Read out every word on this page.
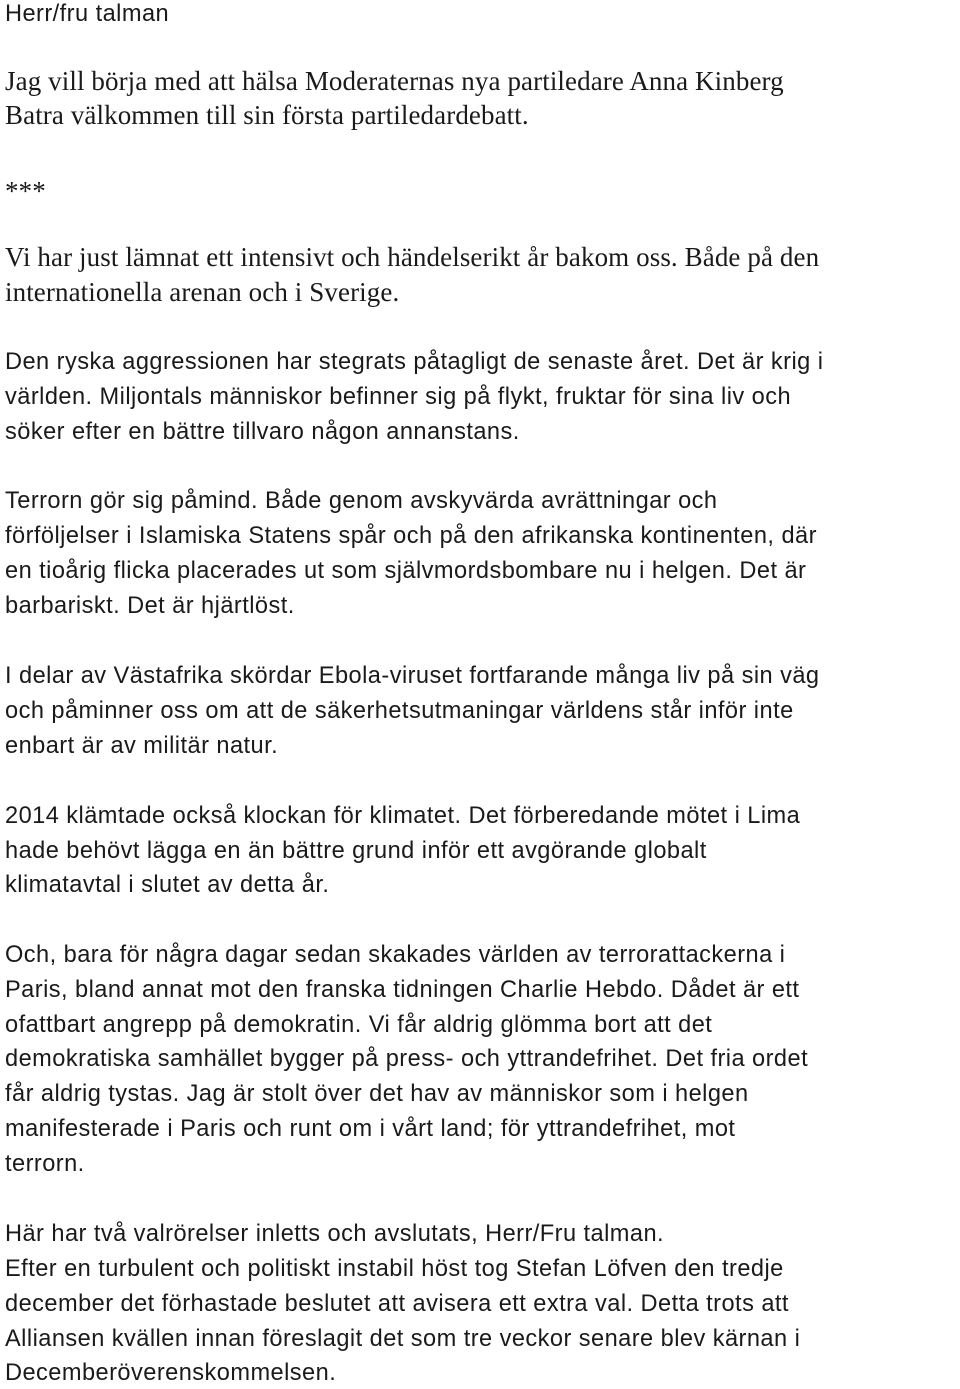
Herr/fru talman
Jag vill börja med att hälsa Moderaternas nya partiledare Anna Kinberg
Batra välkommen till sin första partiledardebatt.
***
Vi har just lämnat ett intensivt och händelserikt år bakom oss. Både på den
internationella arenan och i Sverige.
Den ryska aggressionen har stegrats påtagligt de senaste året. Det är krig i
världen. Miljontals människor befinner sig på flykt, fruktar för sina liv och
söker efter en bättre tillvaro någon annanstans.
Terrorn gör sig påmind. Både genom avskyvärda avrättningar och
förföljelser i Islamiska Statens spår och på den afrikanska kontinenten, där
en tioårig flicka placerades ut som självmordsbombare nu i helgen. Det är
barbariskt. Det är hjärtlöst.
I delar av Västafrika skördar Ebola-viruset fortfarande många liv på sin väg
och påminner oss om att de säkerhetsutmaningar världens står inför inte
enbart är av militär natur.
2014 klämtade också klockan för klimatet. Det förberedande mötet i Lima
hade behövt lägga en än bättre grund inför ett avgörande globalt
klimatavtal i slutet av detta år.
Och, bara för några dagar sedan skakades världen av terrorattackerna i
Paris, bland annat mot den franska tidningen Charlie Hebdo. Dådet är ett
ofattbart angrepp på demokratin. Vi får aldrig glömma bort att det
demokratiska samhället bygger på press- och yttrandefrihet. Det fria ordet
får aldrig tystas. Jag är stolt över det hav av människor som i helgen
manifesterade i Paris och runt om i vårt land; för yttrandefrihet, mot
terrorn.
Här har två valrörelser inletts och avslutats, Herr/Fru talman.
Efter en turbulent och politiskt instabil höst tog Stefan Löfven den tredje
december det förhastade beslutet att avisera ett extra val. Detta trots att
Alliansen kvällen innan föreslagit det som tre veckor senare blev kärnan i
Decemberöverenskommelsen.
